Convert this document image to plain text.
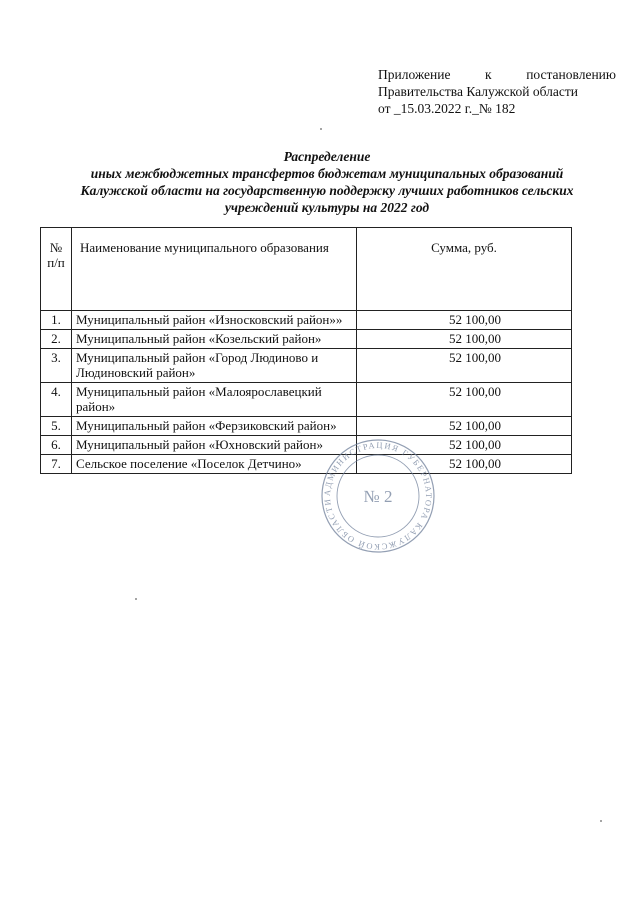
Приложение	к	постановлению
Правительства Калужской области
от _15.03.2022 г._№ 182
Распределение
иных межбюджетных трансфертов бюджетам муниципальных образований
Калужской области на государственную поддержку лучших работников сельских
учреждений культуры на 2022 год
№ п/п	Наименование муниципального образования	Сумма, руб.
1.	Муниципальный район «Износковский район»»	52 100,00
2.	Муниципальный район «Козельский район»	52 100,00
3.	Муниципальный район «Город Людиново и Людиновский район»	52 100,00
4.	Муниципальный район «Малоярославецкий район»	52 100,00
5.	Муниципальный район «Ферзиковский район»	52 100,00
6.	Муниципальный район «Юхновский район»	52 100,00
7.	Сельское поселение «Поселок Детчино»	52 100,00
АДМИНИСТРАЦИЯ ГУБЕРНАТОРА КАЛУЖСКОЙ ОБЛАСТИ	№ 2
